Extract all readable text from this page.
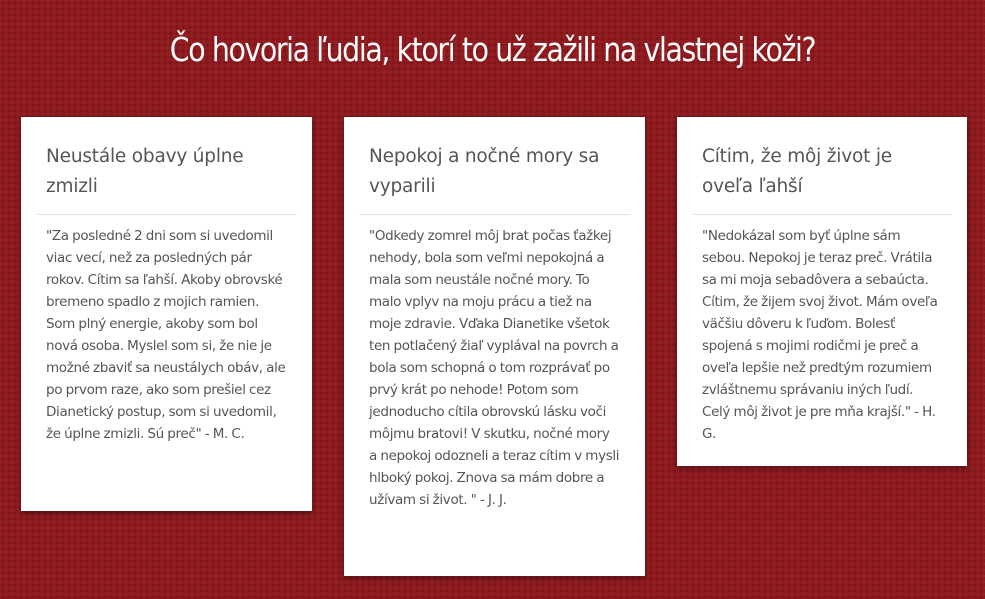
Čo hovoria ľudia, ktorí to už zažili na vlastnej koži?
Neustále obavy úplne zmizli

"Za posledné 2 dni som si uvedomil viac vecí, než za posledných pár rokov. Cítim sa ľahší. Akoby obrovské bremeno spadlo z mojich ramien. Som plný energie, akoby som bol nová osoba. Myslel som si, že nie je možné zbaviť sa neustálych obáv, ale po prvom raze, ako som prešiel cez Dianetický postup, som si uvedomil, že úplne zmizli. Sú preč" - M. C.

Nepokoj a nočné mory sa vyparili

"Odkedy zomrel môj brat počas ťažkej nehody, bola som veľmi nepokojná a mala som neustále nočné mory. To malo vplyv na moju prácu a tiež na moje zdravie. Vďaka Dianetike všetok ten potlačený žiaľ vyplával na povrch a bola som schopná o tom rozprávať po prvý krát po nehode! Potom som jednoducho cítila obrovskú lásku voči môjmu bratovi! V skutku, nočné mory a nepokoj odozneli a teraz cítim v mysli hlboký pokoj. Znova sa mám dobre a užívam si život. " - J. J.

Cítim, že môj život je oveľa ľahší

"Nedokázal som byť úplne sám sebou. Nepokoj je teraz preč. Vrátila sa mi moja sebadôvera a sebaúcta. Cítim, že žijem svoj život. Mám oveľa väčšiu dôveru k ľuďom. Bolesť spojená s mojimi rodičmi je preč a oveľa lepšie než predtým rozumiem zvláštnemu správaniu iných ľudí. Celý môj život je pre mňa krajší." - H. G.
